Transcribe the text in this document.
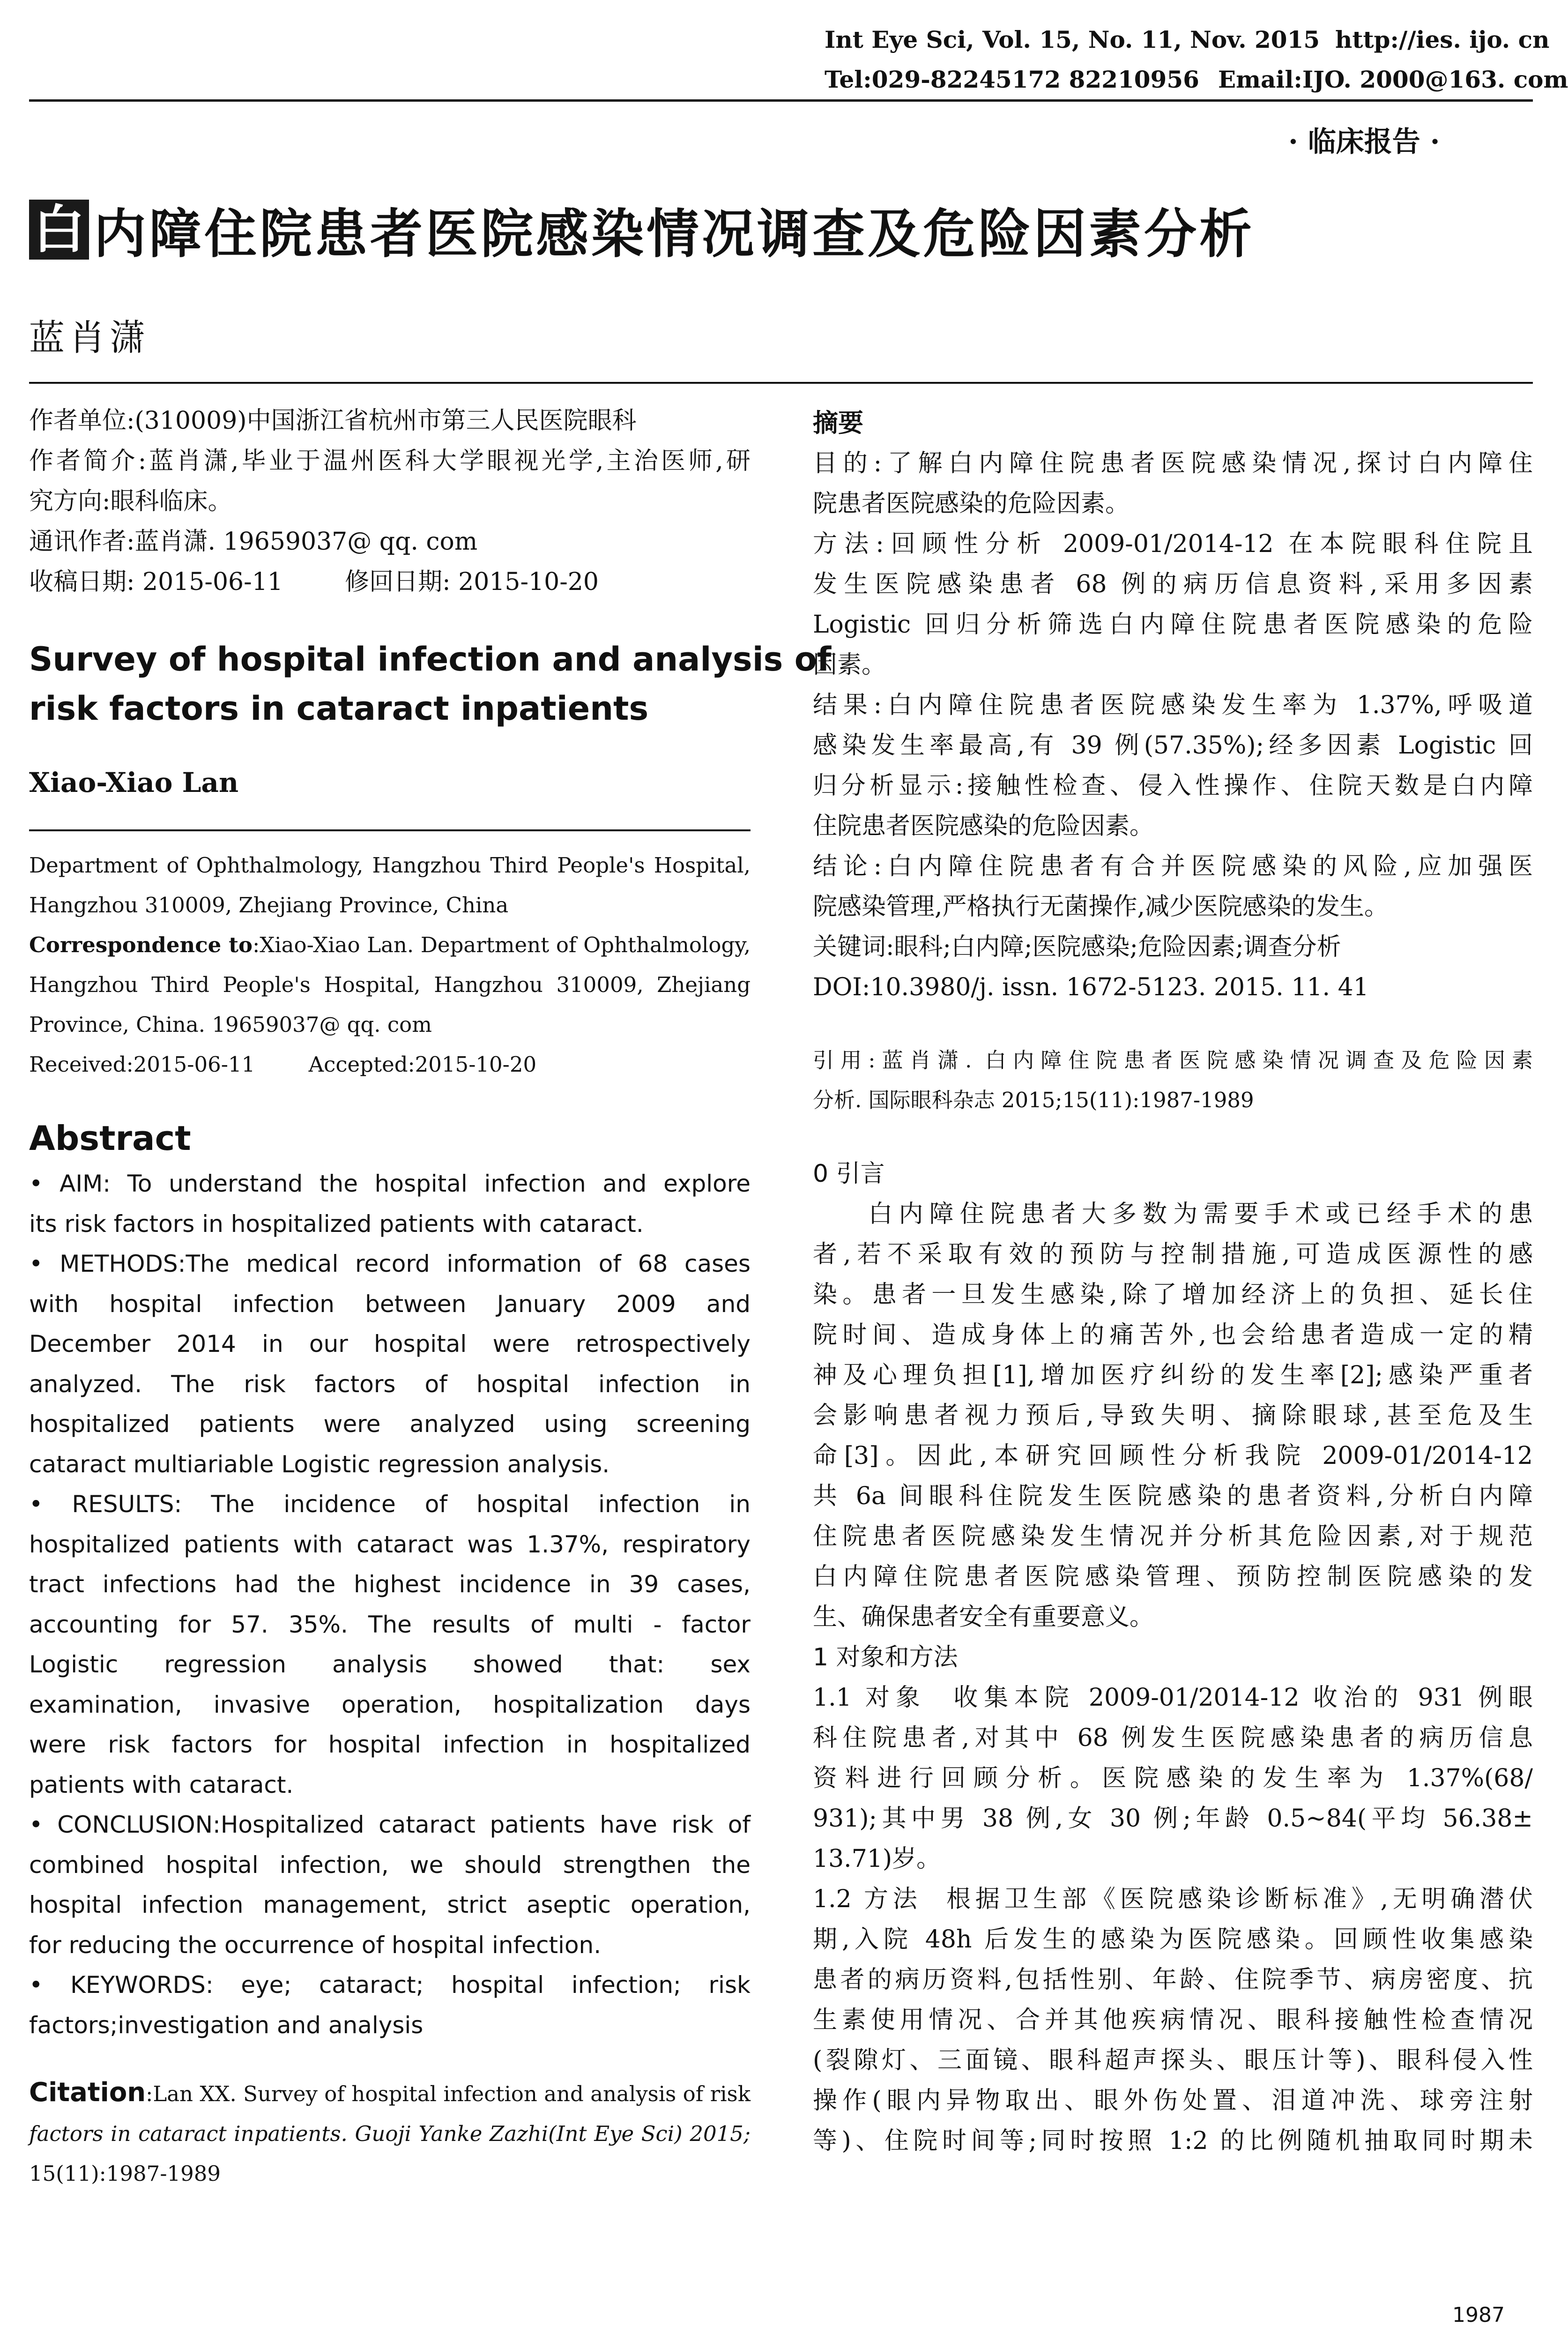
Int Eye Sci, Vol. 15, No. 11, Nov. 2015 http://ies. ijo. cn
Tel:029-82245172 82210956 Email:IJO. 2000@163. com
· 临床报告 ·
白 内障住院患者医院感染情况调查及危险因素分析
蓝肖潇
作者单位:(310009)中国浙江省杭州市第三人民医院眼科
作者简介:蓝肖潇,毕业于温州医科大学眼视光学,主治医师,研
究方向:眼科临床。
通讯作者:蓝肖潇. 19659037@ qq. com
收稿日期: 2015-06-11        修回日期: 2015-10-20
Survey of hospital infection and analysis of
risk factors in cataract inpatients
Xiao-Xiao Lan
Department of Ophthalmology, Hangzhou Third People's Hospital,
Hangzhou 310009, Zhejiang Province, China
Correspondence to:Xiao-Xiao Lan. Department of Ophthalmology,
Hangzhou Third People's Hospital, Hangzhou 310009, Zhejiang
Province, China. 19659037@ qq. com
Received:2015-06-11        Accepted:2015-10-20
Abstract
• AIM: To understand the hospital infection and explore
its risk factors in hospitalized patients with cataract.
• METHODS:The medical record information of 68 cases
with hospital infection between January 2009 and
December 2014 in our hospital were retrospectively
analyzed. The risk factors of hospital infection in
hospitalized patients were analyzed using screening
cataract multiariable Logistic regression analysis.
• RESULTS: The incidence of hospital infection in
hospitalized patients with cataract was 1.37%, respiratory
tract infections had the highest incidence in 39 cases,
accounting for 57. 35%. The results of multi - factor
Logistic regression analysis showed that: sex
examination, invasive operation, hospitalization days
were risk factors for hospital infection in hospitalized
patients with cataract.
• CONCLUSION:Hospitalized cataract patients have risk of
combined hospital infection, we should strengthen the
hospital infection management, strict aseptic operation,
for reducing the occurrence of hospital infection.
• KEYWORDS: eye; cataract; hospital infection; risk
factors;investigation and analysis
Citation:Lan XX. Survey of hospital infection and analysis of risk
factors in cataract inpatients. Guoji Yanke Zazhi(Int Eye Sci) 2015;
15(11):1987-1989
摘要
目的:了解白内障住院患者医院感染情况,探讨白内障住
院患者医院感染的危险因素。
方法:回顾性分析 2009-01/2014-12 在本院眼科住院且
发生医院感染患者 68 例的病历信息资料,采用多因素
Logistic 回归分析筛选白内障住院患者医院感染的危险
因素。
结果:白内障住院患者医院感染发生率为 1.37%,呼吸道
感染发生率最高,有 39 例(57.35%);经多因素 Logistic 回
归分析显示:接触性检查、侵入性操作、住院天数是白内障
住院患者医院感染的危险因素。
结论:白内障住院患者有合并医院感染的风险,应加强医
院感染管理,严格执行无菌操作,减少医院感染的发生。
关键词:眼科;白内障;医院感染;危险因素;调查分析
DOI:10.3980/j. issn. 1672-5123. 2015. 11. 41
引用:蓝肖潇. 白内障住院患者医院感染情况调查及危险因素
分析. 国际眼科杂志 2015;15(11):1987-1989
0 引言
白内障住院患者大多数为需要手术或已经手术的患
者,若不采取有效的预防与控制措施,可造成医源性的感
染。患者一旦发生感染,除了增加经济上的负担、延长住
院时间、造成身体上的痛苦外,也会给患者造成一定的精
神及心理负担[1],增加医疗纠纷的发生率[2];感染严重者
会影响患者视力预后,导致失明、摘除眼球,甚至危及生
命[3]。因此,本研究回顾性分析我院 2009-01/2014-12
共 6a 间眼科住院发生医院感染的患者资料,分析白内障
住院患者医院感染发生情况并分析其危险因素,对于规范
白内障住院患者医院感染管理、预防控制医院感染的发
生、确保患者安全有重要意义。
1 对象和方法
1.1 对象  收集本院 2009-01/2014-12 收治的 931 例眼
科住院患者,对其中 68 例发生医院感染患者的病历信息
资料进行回顾分析。医院感染的发生率为 1.37%(68/
931);其中男 38 例,女 30 例;年龄 0.5~84(平均 56.38±
13.71)岁。
1.2 方法  根据卫生部《医院感染诊断标准》,无明确潜伏
期,入院 48h 后发生的感染为医院感染。回顾性收集感染
患者的病历资料,包括性别、年龄、住院季节、病房密度、抗
生素使用情况、合并其他疾病情况、眼科接触性检查情况
(裂隙灯、三面镜、眼科超声探头、眼压计等)、眼科侵入性
操作(眼内异物取出、眼外伤处置、泪道冲洗、球旁注射
等)、住院时间等;同时按照 1:2 的比例随机抽取同时期未
1987
